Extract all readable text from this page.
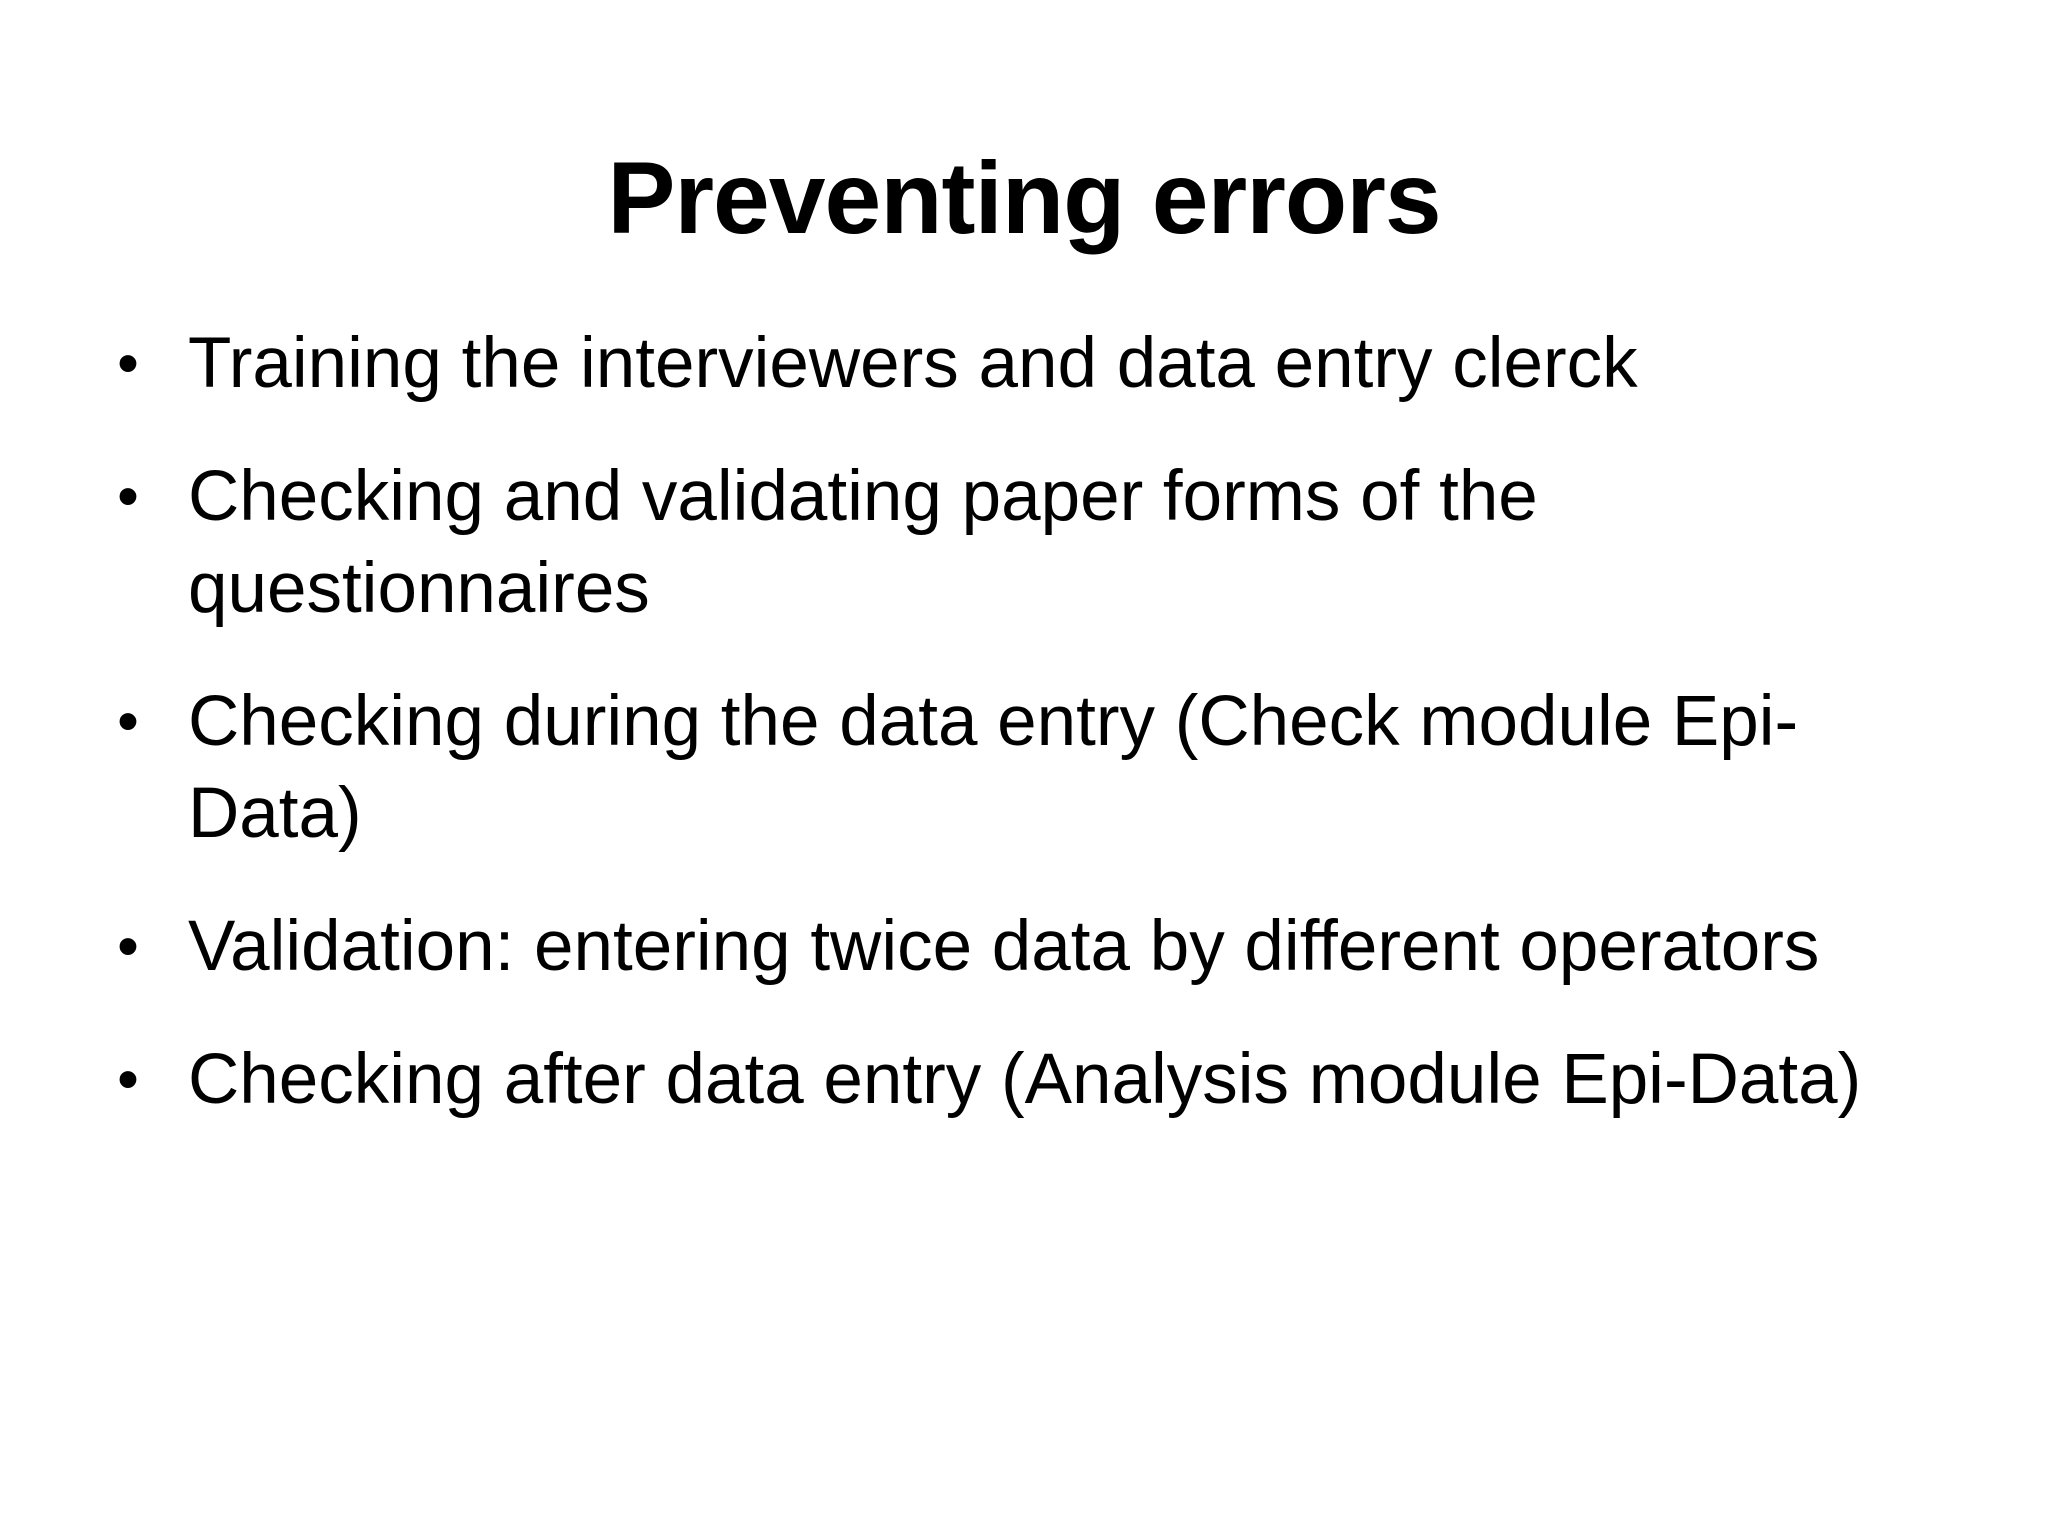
Preventing errors
• Training the interviewers and data entry clerck
• Checking and validating paper forms of the questionnaires
• Checking during the data entry (Check module Epi-Data)
• Validation: entering twice data by different operators
• Checking after data entry (Analysis module Epi-Data)
